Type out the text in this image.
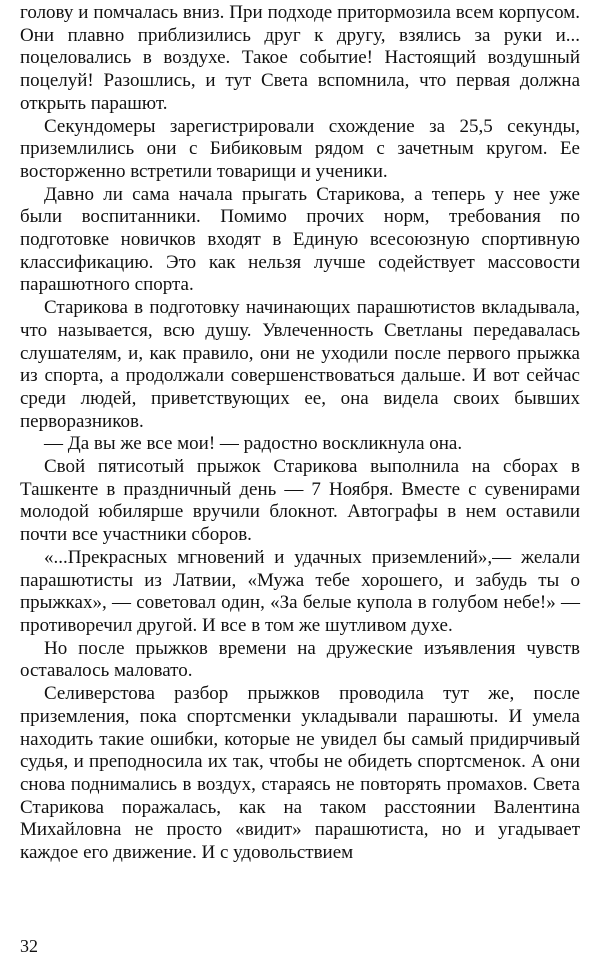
голову и помчалась вниз. При подходе притормозила всем корпусом. Они плавно приблизились друг к другу, взялись за руки и... поцеловались в воздухе. Такое событие! Настоящий воздушный поцелуй! Разошлись, и тут Света вспомнила, что первая должна открыть парашют.

Секундомеры зарегистрировали схождение за 25,5 секунды, приземлились они с Бибиковым рядом с зачетным кругом. Ее восторженно встретили товарищи и ученики.

Давно ли сама начала прыгать Старикова, а теперь у нее уже были воспитанники. Помимо прочих норм, требования по подготовке новичков входят в Единую всесоюзную спортивную классификацию. Это как нельзя лучше содействует массовости парашютного спорта.

Старикова в подготовку начинающих парашютистов вкладывала, что называется, всю душу. Увлеченность Светланы передавалась слушателям, и, как правило, они не уходили после первого прыжка из спорта, а продолжали совершенствоваться дальше. И вот сейчас среди людей, приветствующих ее, она видела своих бывших перворазников.

— Да вы же все мои! — радостно воскликнула она.

Свой пятисотый прыжок Старикова выполнила на сборах в Ташкенте в праздничный день — 7 Ноября. Вместе с сувенирами молодой юбилярше вручили блокнот. Автографы в нем оставили почти все участники сборов.

«...Прекрасных мгновений и удачных приземлений»,— желали парашютисты из Латвии, «Мужа тебе хорошего, и забудь ты о прыжках», — советовал один, «За белые купола в голубом небе!» — противоречил другой. И все в том же шутливом духе.

Но после прыжков времени на дружеские изъявления чувств оставалось маловато.

Селиверстова разбор прыжков проводила тут же, после приземления, пока спортсменки укладывали парашюты. И умела находить такие ошибки, которые не увидел бы самый придирчивый судья, и преподносила их так, чтобы не обидеть спортсменок. А они снова поднимались в воздух, стараясь не повторять промахов. Света Старикова поражалась, как на таком расстоянии Валентина Михайловна не просто «видит» парашютиста, но и угадывает каждое его движение. И с удовольствием

32
